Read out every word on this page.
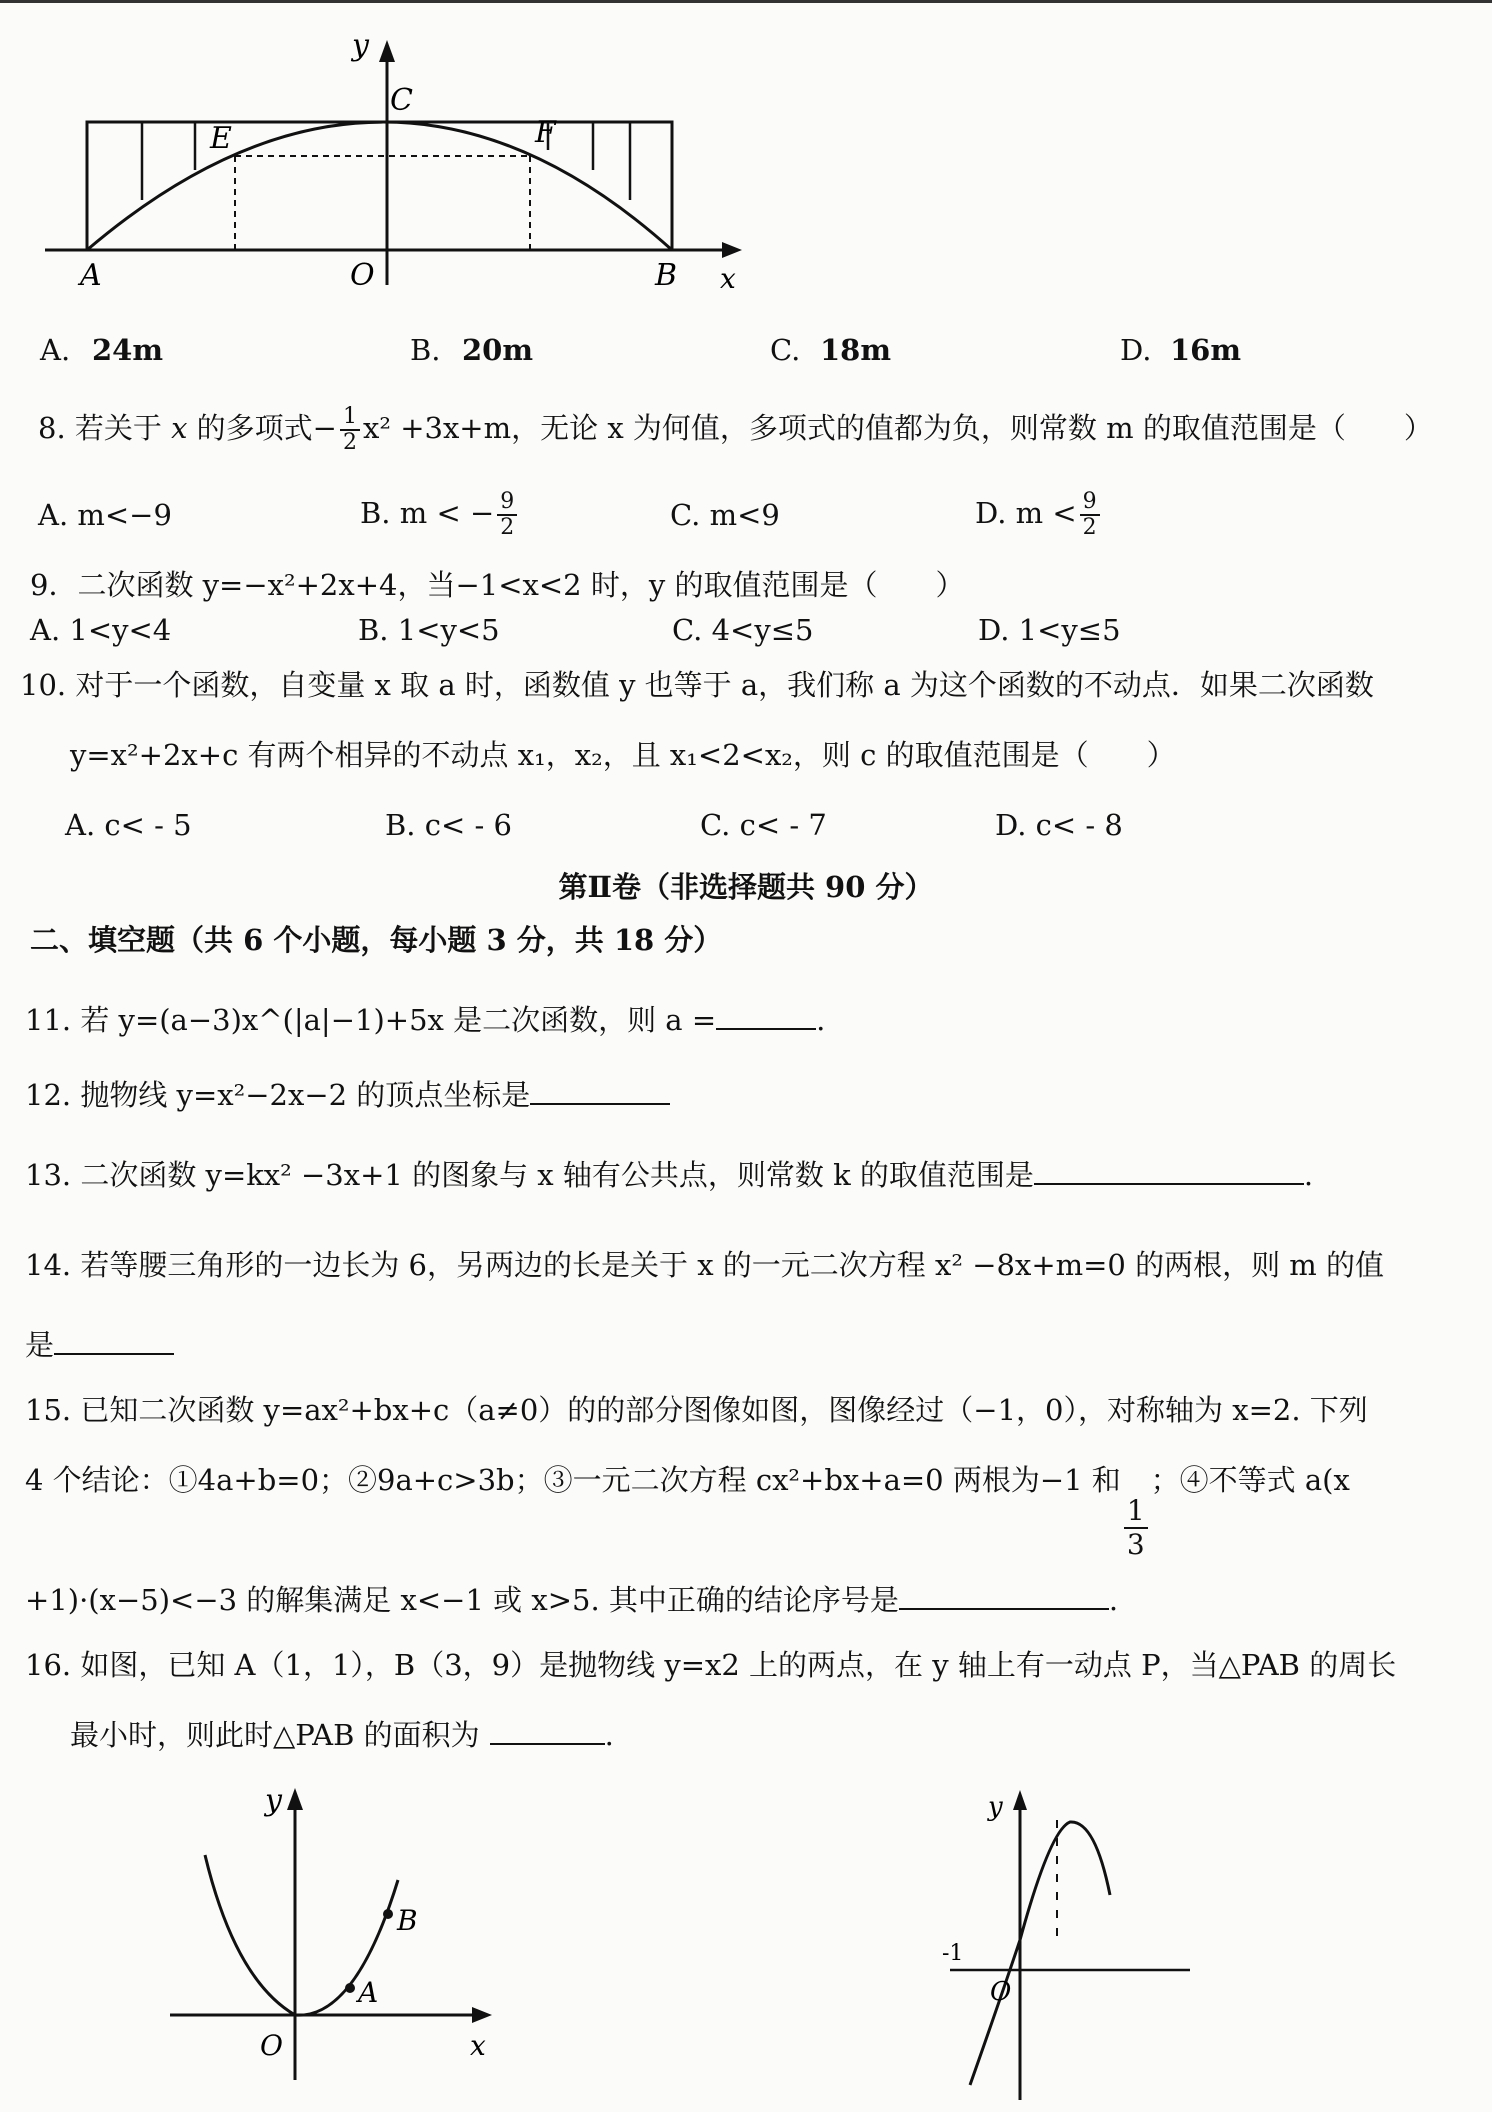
y
C
E	F
A	O	B x
A. 24m	B. 20m	C. 18m	D. 16m
8. 若关于 x 的多项式− $\frac{1}{2} x^2 +3x+m$，无论 x 为何值，多项式的值都为负，则常数 m 的取值范围是（　　）
A. m<−9	B. m < − $\frac{9}{2}$	C. m<9	D. $m < \frac{9}{2}$
9．二次函数 y=−x²+2x+4，当−1<x<2 时，y 的取值范围是（　　）
A. 1<y<4	B. 1<y<5	C. 4<y≤5	D. 1<y≤5
10. 对于一个函数，自变量 x 取 a 时，函数值 y 也等于 a，我们称 a 为这个函数的不动点．如果二次函数
y=x²+2x+c 有两个相异的不动点 x₁，x₂，且 x₁<2<x₂，则 c 的取值范围是（　　）
A. c< - 5	B. c< - 6	C. c< - 7	D. c< - 8
第Ⅱ卷（非选择题共 90 分）
二、填空题（共 6 个小题，每小题 3 分，共 18 分）
11. 若 y=(a−3)x^(|a|−1)+5x 是二次函数，则 a =	.
12. 抛物线 y=x²−2x−2 的顶点坐标是
13. 二次函数 y=kx² −3x+1 的图象与 x 轴有公共点，则常数 k 的取值范围是	.
14. 若等腰三角形的一边长为 6，另两边的长是关于 x 的一元二次方程 x² −8x+m=0 的两根，则 m 的值
是
15. 已知二次函数 y=ax²+bx+c（a≠0）的的部分图像如图，图像经过（−1，0），对称轴为 x=2. 下列
4 个结论：①4a+b=0；②9a+c>3b；③一元二次方程 cx²+bx+a=0 两根为−1 和
$\frac{1}{3}$
；④不等式 a(x
+1)·(x−5)<−3 的解集满足 x<−1 或 x>5. 其中正确的结论序号是	.
16. 如图，已知 A（1，1），B（3，9）是抛物线 y=x2 上的两点，在 y 轴上有一动点 P，当△PAB 的周长
最小时，则此时△PAB 的面积为	.
y
B
A
O	x
y
-1
O
